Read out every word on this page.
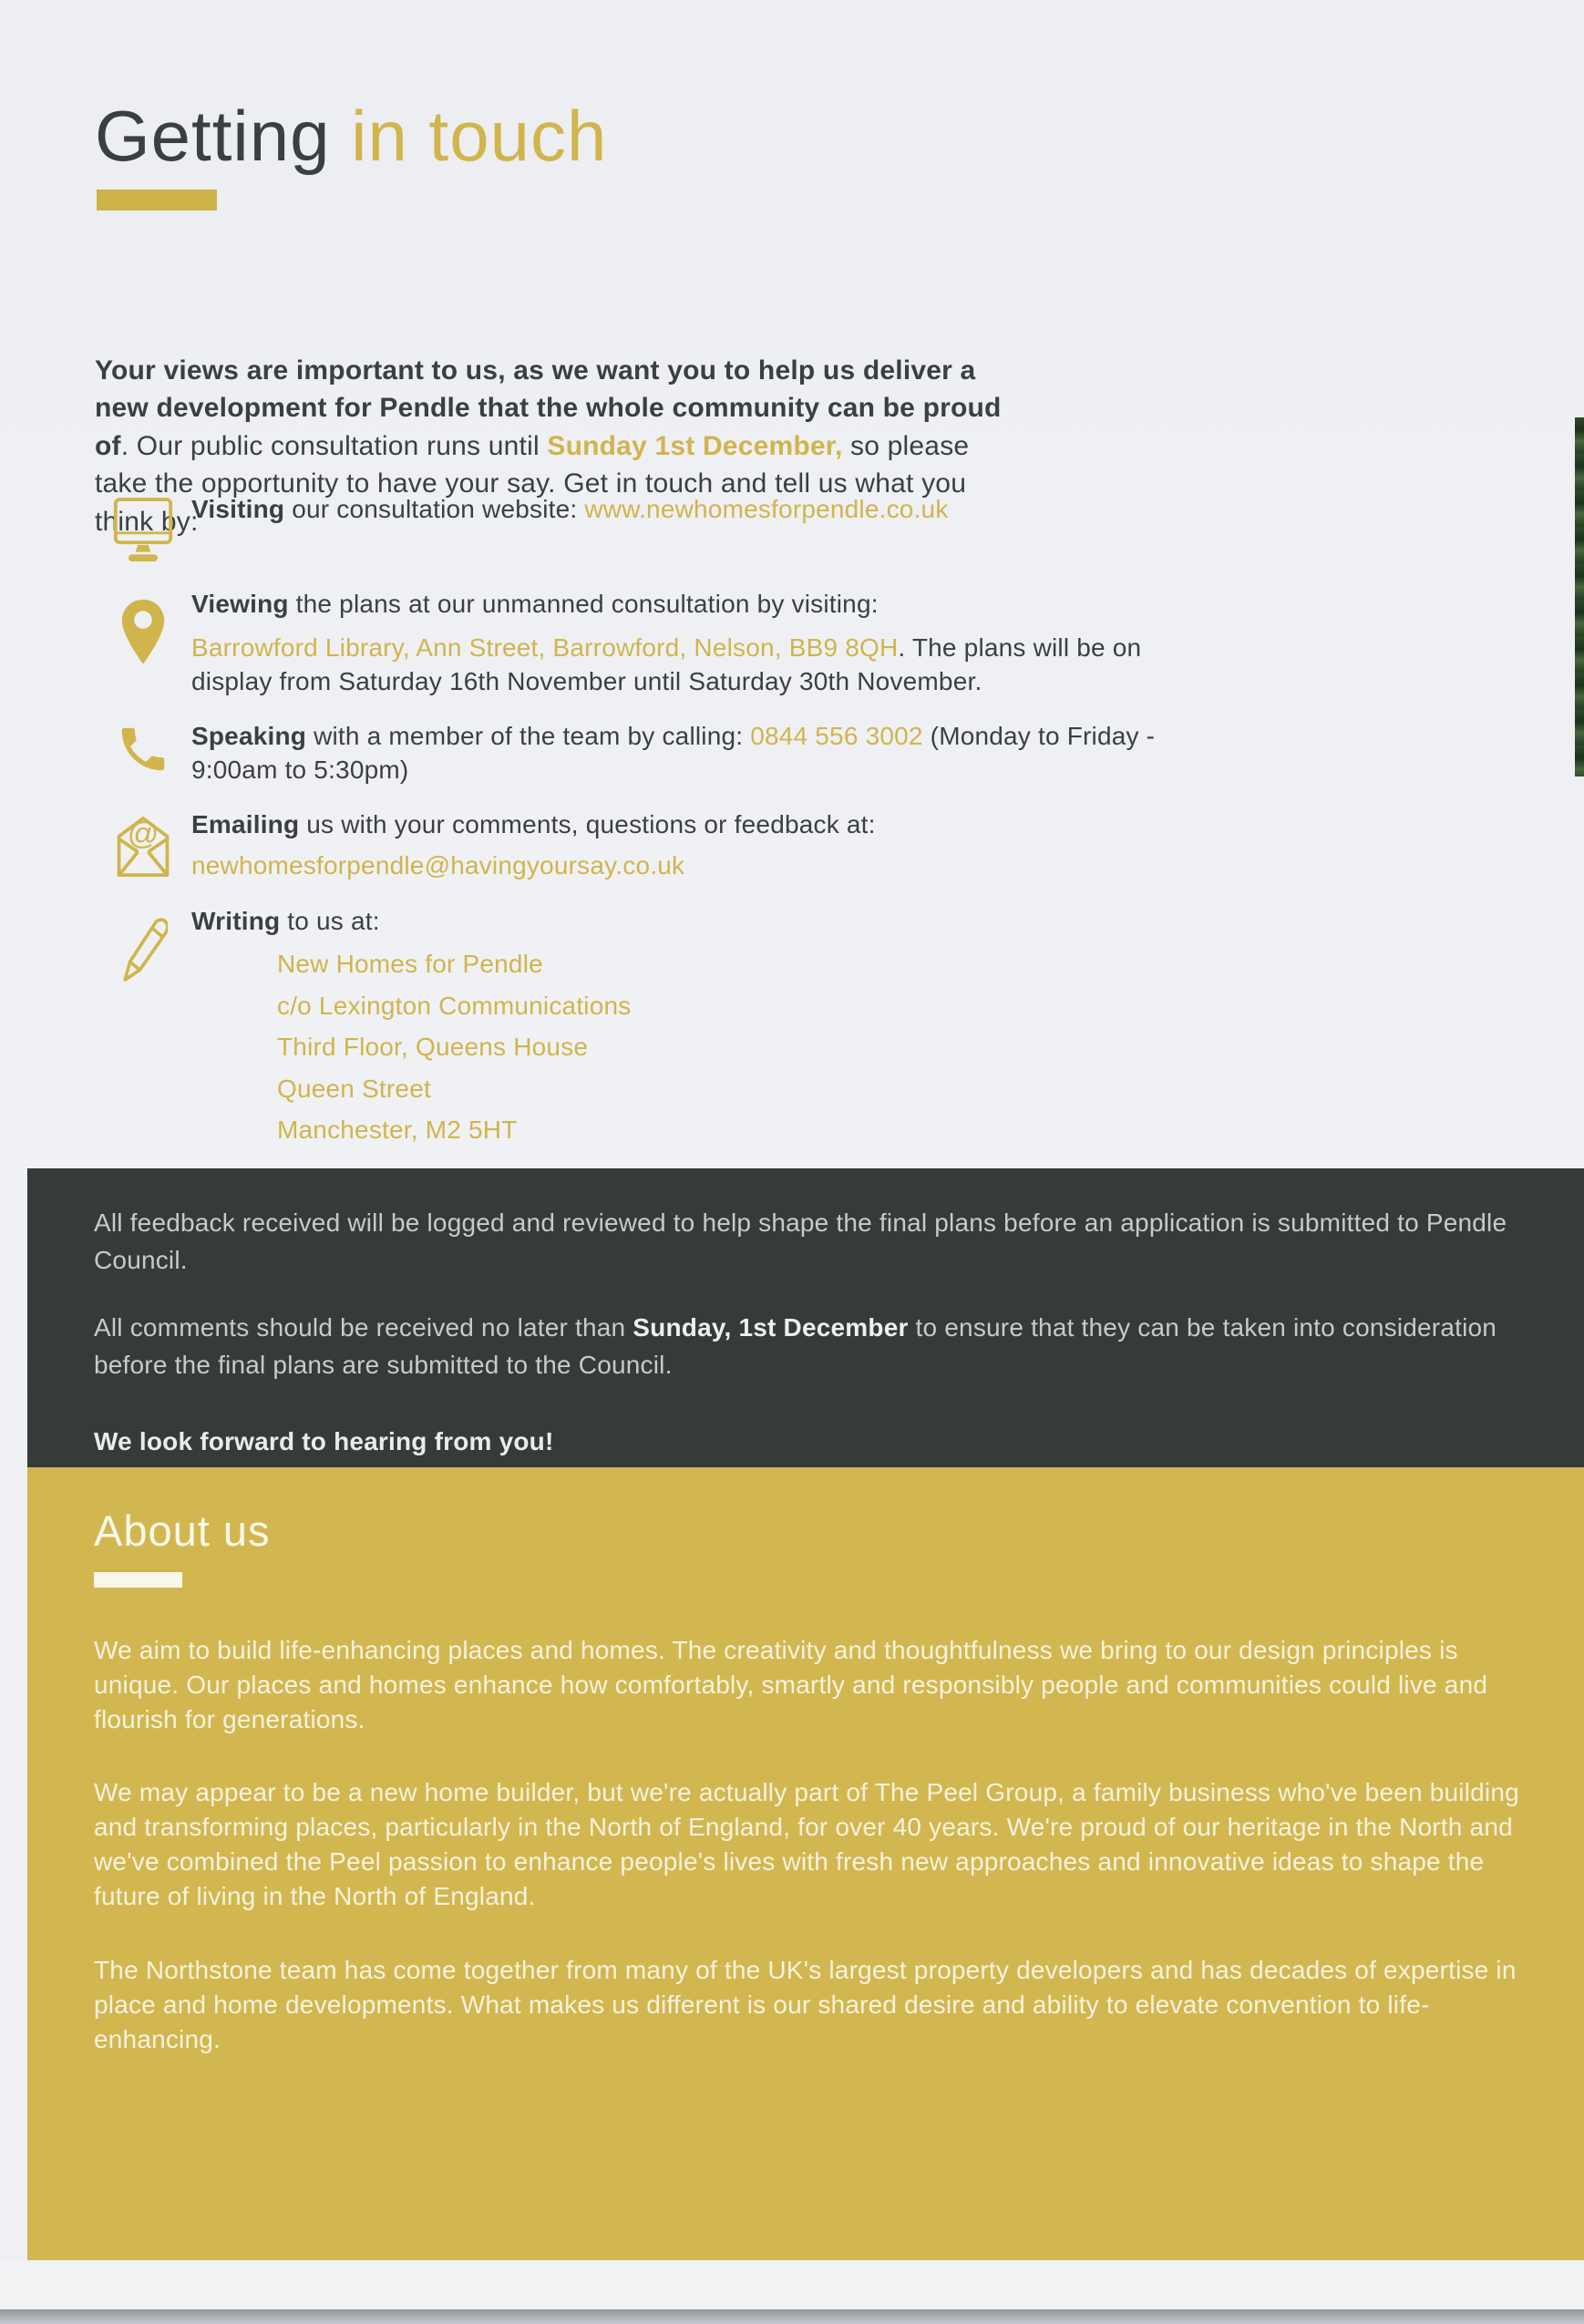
Getting in touch

Your views are important to us, as we want you to help us deliver a new development for Pendle that the whole community can be proud of. Our public consultation runs until Sunday 1st December, so please take the opportunity to have your say. Get in touch and tell us what you think by:

Visiting our consultation website: www.newhomesforpendle.co.uk
Viewing the plans at our unmanned consultation by visiting:
Barrowford Library, Ann Street, Barrowford, Nelson, BB9 8QH. The plans will be on display from Saturday 16th November until Saturday 30th November.
Speaking with a member of the team by calling: 0844 556 3002 (Monday to Friday - 9:00am to 5:30pm)
@ Emailing us with your comments, questions or feedback at:
newhomesforpendle@havingyoursay.co.uk
Writing to us at:
New Homes for Pendle
c/o Lexington Communications
Third Floor, Queens House
Queen Street
Manchester, M2 5HT

All feedback received will be logged and reviewed to help shape the final plans before an application is submitted to Pendle Council.

All comments should be received no later than Sunday, 1st December to ensure that they can be taken into consideration before the final plans are submitted to the Council.

We look forward to hearing from you!

About us

We aim to build life-enhancing places and homes. The creativity and thoughtfulness we bring to our design principles is unique. Our places and homes enhance how comfortably, smartly and responsibly people and communities could live and flourish for generations.

We may appear to be a new home builder, but we're actually part of The Peel Group, a family business who've been building and transforming places, particularly in the North of England, for over 40 years. We're proud of our heritage in the North and we've combined the Peel passion to enhance people's lives with fresh new approaches and innovative ideas to shape the future of living in the North of England.

The Northstone team has come together from many of the UK's largest property developers and has decades of expertise in place and home developments. What makes us different is our shared desire and ability to elevate convention to life-enhancing.
